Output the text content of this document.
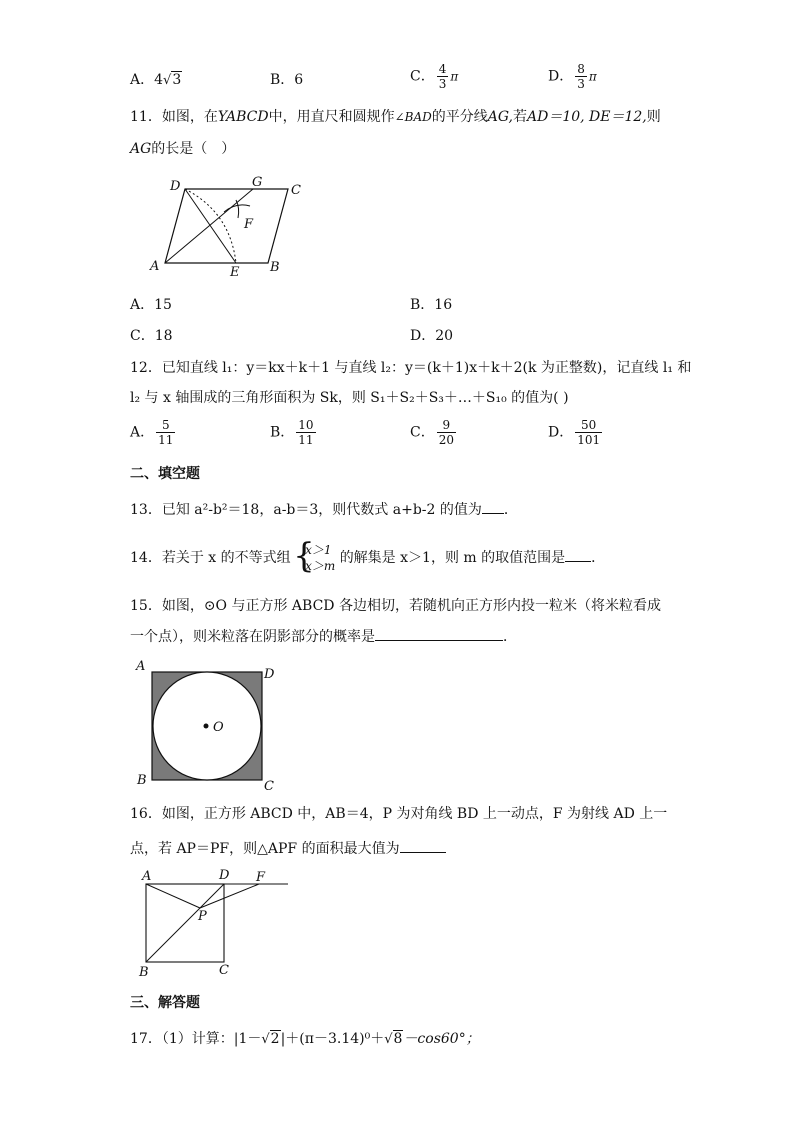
A．4√3	B．6	C． $\frac{4}{3}$ π	D． $\frac{8}{3}$ π
11．如图，在YABCD中，用直尺和圆规作∠BAD的平分线AG,若AD＝10, DE＝12,则
AG的长是（　）
D	G
C
F
A	E B
A．15	B．16
C．18	D．20
12．已知直线 l₁：y＝kx＋k＋1 与直线 l₂：y＝(k＋1)x＋k＋2(k 为正整数)，记直线 l₁ 和
l₂ 与 x 轴围成的三角形面积为 Sk，则 S₁＋S₂＋S₃＋…＋S₁₀ 的值为( )
A． $\frac{5}{11}$	B． $\frac{10}{11}$	C． $\frac{9}{20}$	D． $\frac{50}{101}$
二、填空题
13．已知 a²-b²＝18，a-b＝3，则代数式 a+b-2 的值为 ．
14．若关于 x 的不等式组
{ x＞1
x＞m 的解集是 x＞1，则 m 的取值范围是 ．
15．如图，⊙O 与正方形 ABCD 各边相切，若随机向正方形内投一粒米（将米粒看成
一个点），则米粒落在阴影部分的概率是	．
A
D
O
B	C
16．如图，正方形 ABCD 中，AB＝4，P 为对角线 BD 上一动点，F 为射线 AD 上一
点，若 AP＝PF，则△APF 的面积最大值为
A	D F
P
B	C
三、解答题
17．（1）计算：|1－√2|＋(π－3.14)⁰＋√8－cos60°；
